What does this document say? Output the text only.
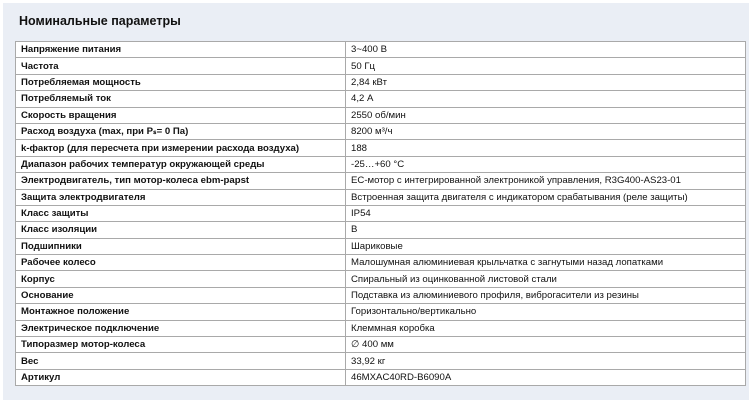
Номинальные параметры
Напряжение питания	3~400 В
Частота	50 Гц
Потребляемая мощность	2,84 кВт
Потребляемый ток	4,2 А
Скорость вращения	2550 об/мин
Расход воздуха (max, при Pₛ= 0 Па)	8200 м³/ч
k-фактор (для пересчета при измерении расхода воздуха)	188
Диапазон рабочих температур окружающей среды	-25…+60 °С
Электродвигатель, тип мотор-колеса ebm-papst	ЕС-мотор с интегрированной электроникой управления, R3G400-AS23-01
Защита электродвигателя	Встроенная защита двигателя с индикатором срабатывания (реле защиты)
Класс защиты	IP54
Класс изоляции	B
Подшипники	Шариковые
Рабочее колесо	Малошумная алюминиевая крыльчатка с загнутыми назад лопатками
Корпус	Спиральный из оцинкованной листовой стали
Основание	Подставка из алюминиевого профиля, виброгасители из резины
Монтажное положение	Горизонтально/вертикально
Электрическое подключение	Клеммная коробка
Типоразмер мотор-колеса	∅ 400 мм
Вес	33,92 кг
Артикул	46MXAC40RD-B6090A
